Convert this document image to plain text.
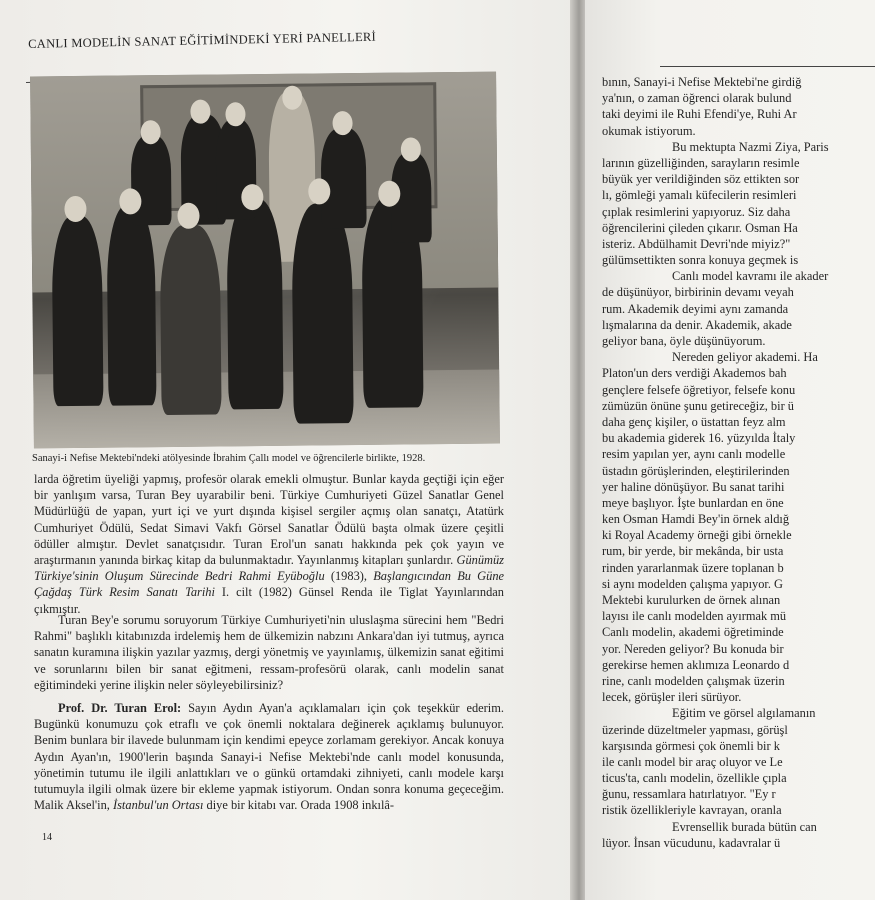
CANLI MODELİN SANAT EĞİTİMİNDEKİ YERİ PANELLERİ
Sanayi-i Nefise Mektebi'ndeki atölyesinde İbrahim Çallı model ve öğrencilerle birlikte, 1928.

larda öğretim üyeliği yapmış, profesör olarak emekli olmuştur. Bunlar kayda geçtiği için eğer bir yanlışım varsa, Turan Bey uyarabilir beni. Türkiye Cumhuriyeti Güzel Sanatlar Genel Müdürlüğü de yapan, yurt içi ve yurt dışında kişisel sergiler açmış olan sanatçı, Atatürk Cumhuriyet Ödülü, Sedat Simavi Vakfı Görsel Sanatlar Ödülü başta olmak üzere çeşitli ödüller almıştır. Devlet sanatçısıdır. Turan Erol'un sanatı hakkında pek çok yayın ve araştırmanın yanında birkaç kitap da bulunmaktadır. Yayınlanmış kitapları şunlardır. Günümüz Türkiye'sinin Oluşum Sürecinde Bedri Rahmi Eyüboğlu (1983), Başlangıcından Bu Güne Çağdaş Türk Resim Sanatı Tarihi I. cilt (1982) Günsel Renda ile Tiglat Yayınlarından çıkmıştır.

Turan Bey'e sorumu soruyorum Türkiye Cumhuriyeti'nin uluslaşma sürecini hem "Bedri Rahmi" başlıklı kitabınızda irdelemiş hem de ülkemizin nabzını Ankara'dan iyi tutmuş, ayrıca sanatın kuramına ilişkin yazılar yazmış, dergi yönetmiş ve yayınlamış, ülkemizin sanat eğitimi ve sorunlarını bilen bir sanat eğitmeni, ressam-profesörü olarak, canlı modelin sanat eğitimindeki yerine ilişkin neler söyleyebilirsiniz?

Prof. Dr. Turan Erol: Sayın Aydın Ayan'a açıklamaları için çok teşekkür ederim. Bugünkü konumuzu çok etraflı ve çok önemli noktalara değinerek açıklamış bulunuyor. Benim bunlara bir ilavede bulunmam için kendimi epeyce zorlamam gerekiyor. Ancak konuya Aydın Ayan'ın, 1900'lerin başında Sanayi-i Nefise Mektebi'nde canlı model konusunda, yönetimin tutumu ile ilgili anlattıkları ve o günkü ortamdaki zihniyeti, canlı modele karşı tutumuyla ilgili olmak üzere bir ekleme yapmak istiyorum. Ondan sonra konuma geçeceğim. Malik Aksel'in, İstanbul'un Ortası diye bir kitabı var. Orada 1908 inkılâ-

14
bının, Sanayi-i Nefise Mektebi'ne girdiğ
ya'nın, o zaman öğrenci olarak bulund
taki deyimi ile Ruhi Efendi'ye, Ruhi Ar
okumak istiyorum.
Bu mektupta Nazmi Ziya, Paris
larının güzelliğinden, sarayların resimle
büyük yer verildiğinden söz ettikten sor
lı, gömleği yamalı küfecilerin resimleri
çıplak resimlerini yapıyoruz. Siz daha
öğrencilerini çileden çıkarır. Osman Ha
isteriz. Abdülhamit Devri'nde miyiz?"
gülümsettikten sonra konuya geçmek is
Canlı model kavramı ile akader
de düşünüyor, birbirinin devamı veyah
rum. Akademik deyimi aynı zamanda
lışmalarına da denir. Akademik, akade
geliyor bana, öyle düşünüyorum.
Nereden geliyor akademi. Ha
Platon'un ders verdiği Akademos bah
gençlere felsefe öğretiyor, felsefe konu
zümüzün önüne şunu getireceğiz, bir ü
daha genç kişiler, o üstattan feyz alm
bu akademia giderek 16. yüzyılda İtaly
resim yapılan yer, aynı canlı modelle
üstadın görüşlerinden, eleştirilerinden
yer haline dönüşüyor. Bu sanat tarihi
meye başlıyor. İşte bunlardan en öne
ken Osman Hamdi Bey'in örnek aldığ
ki Royal Academy örneği gibi örnekle
rum, bir yerde, bir mekânda, bir usta
rinden yararlanmak üzere toplanan b
si aynı modelden çalışma yapıyor. G
Mektebi kurulurken de örnek alınan
layısı ile canlı modelden ayırmak mü
Canlı modelin, akademi öğretiminde
yor. Nereden geliyor? Bu konuda bir
gerekirse hemen aklımıza Leonardo d
rine, canlı modelden çalışmak üzerin
lecek, görüşler ileri sürüyor.
Eğitim ve görsel algılamanın
üzerinde düzeltmeler yapması, görüşl
karşısında görmesi çok önemli bir k
ile canlı model bir araç oluyor ve Le
ticus'ta, canlı modelin, özellikle çıpla
ğunu, ressamlara hatırlatıyor. "Ey r
ristik özellikleriyle kavrayan, oranla
Evrensellik burada bütün can
lüyor. İnsan vücudunu, kadavralar ü
